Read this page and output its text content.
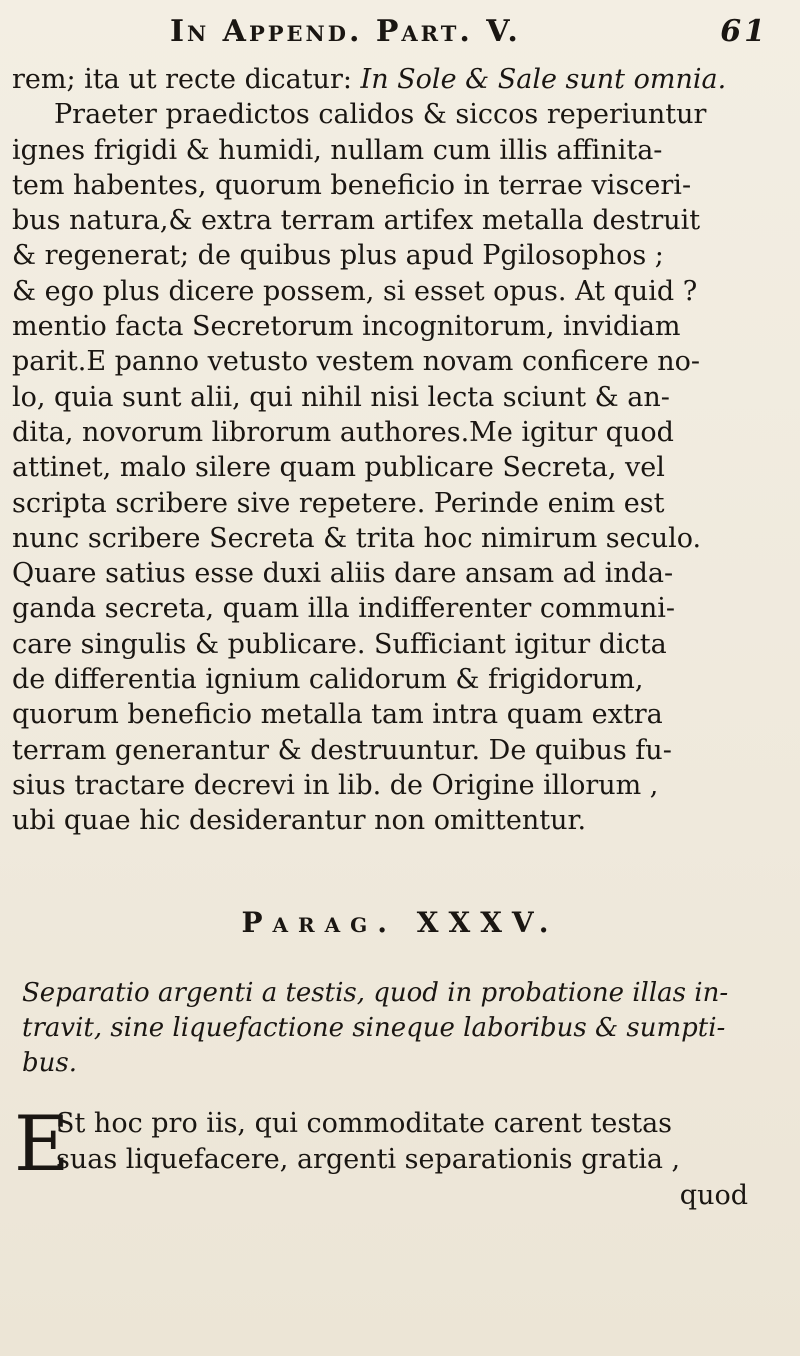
In Append. Part. V.	61
rem; ita ut recte dicatur: In Sole & Sale sunt omnia.
Praeter praedictos calidos & siccos reperiuntur
ignes frigidi & humidi, nullam cum illis affinita-
tem habentes, quorum beneficio in terrae visceri-
bus natura,& extra terram artifex metalla destruit
& regenerat; de quibus plus apud Pgilosophos ;
& ego plus dicere possem, si esset opus. At quid ?
mentio facta Secretorum incognitorum, invidiam
parit.E panno vetusto vestem novam conficere no-
lo, quia sunt alii, qui nihil nisi lecta sciunt & an-
dita, novorum librorum authores.Me igitur quod
attinet, malo silere quam publicare Secreta, vel
scripta scribere sive repetere. Perinde enim est
nunc scribere Secreta & trita hoc nimirum seculo.
Quare satius esse duxi aliis dare ansam ad inda-
ganda secreta, quam illa indifferenter communi-
care singulis & publicare. Sufficiant igitur dicta
de differentia ignium calidorum & frigidorum,
quorum beneficio metalla tam intra quam extra
terram generantur & destruuntur. De quibus fu-
sius tractare decrevi in lib. de Origine illorum ,
ubi quae hic desiderantur non omittentur.
Parag. XXXV.
Separatio argenti a testis, quod in probatione illas in-
travit, sine liquefactione sineque laboribus & sumpti-
bus.
E
St hoc pro iis, qui commoditate carent testas
suas liquefacere, argenti separationis gratia ,
quod
